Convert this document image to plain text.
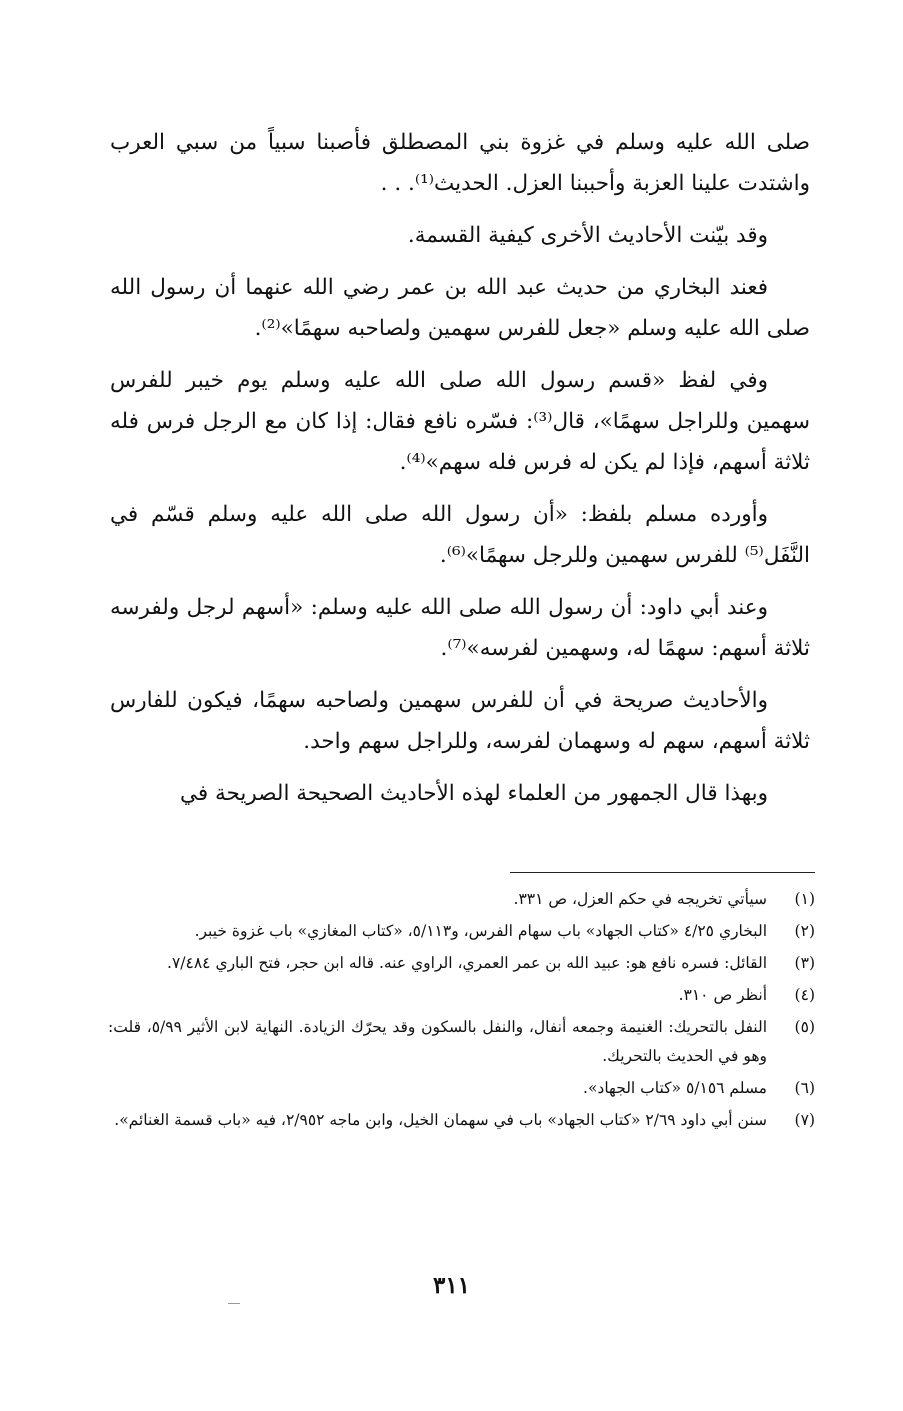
صلى الله عليه وسلم في غزوة بني المصطلق فأصبنا سبياً من سبي العرب واشتدت علينا العزبة وأحببنا العزل. الحديث⁽¹⁾. . .

وقد بيّنت الأحاديث الأخرى كيفية القسمة.

فعند البخاري من حديث عبد الله بن عمر رضي الله عنهما أن رسول الله صلى الله عليه وسلم «جعل للفرس سهمين ولصاحبه سهمًا»⁽²⁾.

وفي لفظ «قسم رسول الله صلى الله عليه وسلم يوم خيبر للفرس سهمين وللراجل سهمًا»، قال⁽³⁾: فسّره نافع فقال: إذا كان مع الرجل فرس فله ثلاثة أسهم، فإذا لم يكن له فرس فله سهم»⁽⁴⁾.

وأورده مسلم بلفظ: «أن رسول الله صلى الله عليه وسلم قسّم في النَّفَل⁽⁵⁾ للفرس سهمين وللرجل سهمًا»⁽⁶⁾.

وعند أبي داود: أن رسول الله صلى الله عليه وسلم: «أسهم لرجل ولفرسه ثلاثة أسهم: سهمًا له، وسهمين لفرسه»⁽⁷⁾.

والأحاديث صريحة في أن للفرس سهمين ولصاحبه سهمًا، فيكون للفارس ثلاثة أسهم، سهم له وسهمان لفرسه، وللراجل سهم واحد.

وبهذا قال الجمهور من العلماء لهذه الأحاديث الصحيحة الصريحة في

(١)
سيأتي تخريجه في حكم العزل، ص ٣٣١.
(٢)
البخاري ٤/٢٥ «كتاب الجهاد» باب سهام الفرس، و٥/١١٣، «كتاب المغازي» باب غزوة خيبر.
(٣)
القائل: فسره نافع هو: عبيد الله بن عمر العمري، الراوي عنه. قاله ابن حجر، فتح الباري ٧/٤٨٤.
(٤)
أنظر ص ٣١٠.
(٥)
النفل بالتحريك: الغنيمة وجمعه أنفال، والنفل بالسكون وقد يحرّك الزيادة. النهاية لابن الأثير ٥/٩٩، قلت: وهو في الحديث بالتحريك.
(٦)
مسلم ٥/١٥٦ «كتاب الجهاد».
(٧)
سنن أبي داود ٢/٦٩ «كتاب الجهاد» باب في سهمان الخيل، وابن ماجه ٢/٩٥٢، فيه «باب قسمة الغنائم».
٣١١
